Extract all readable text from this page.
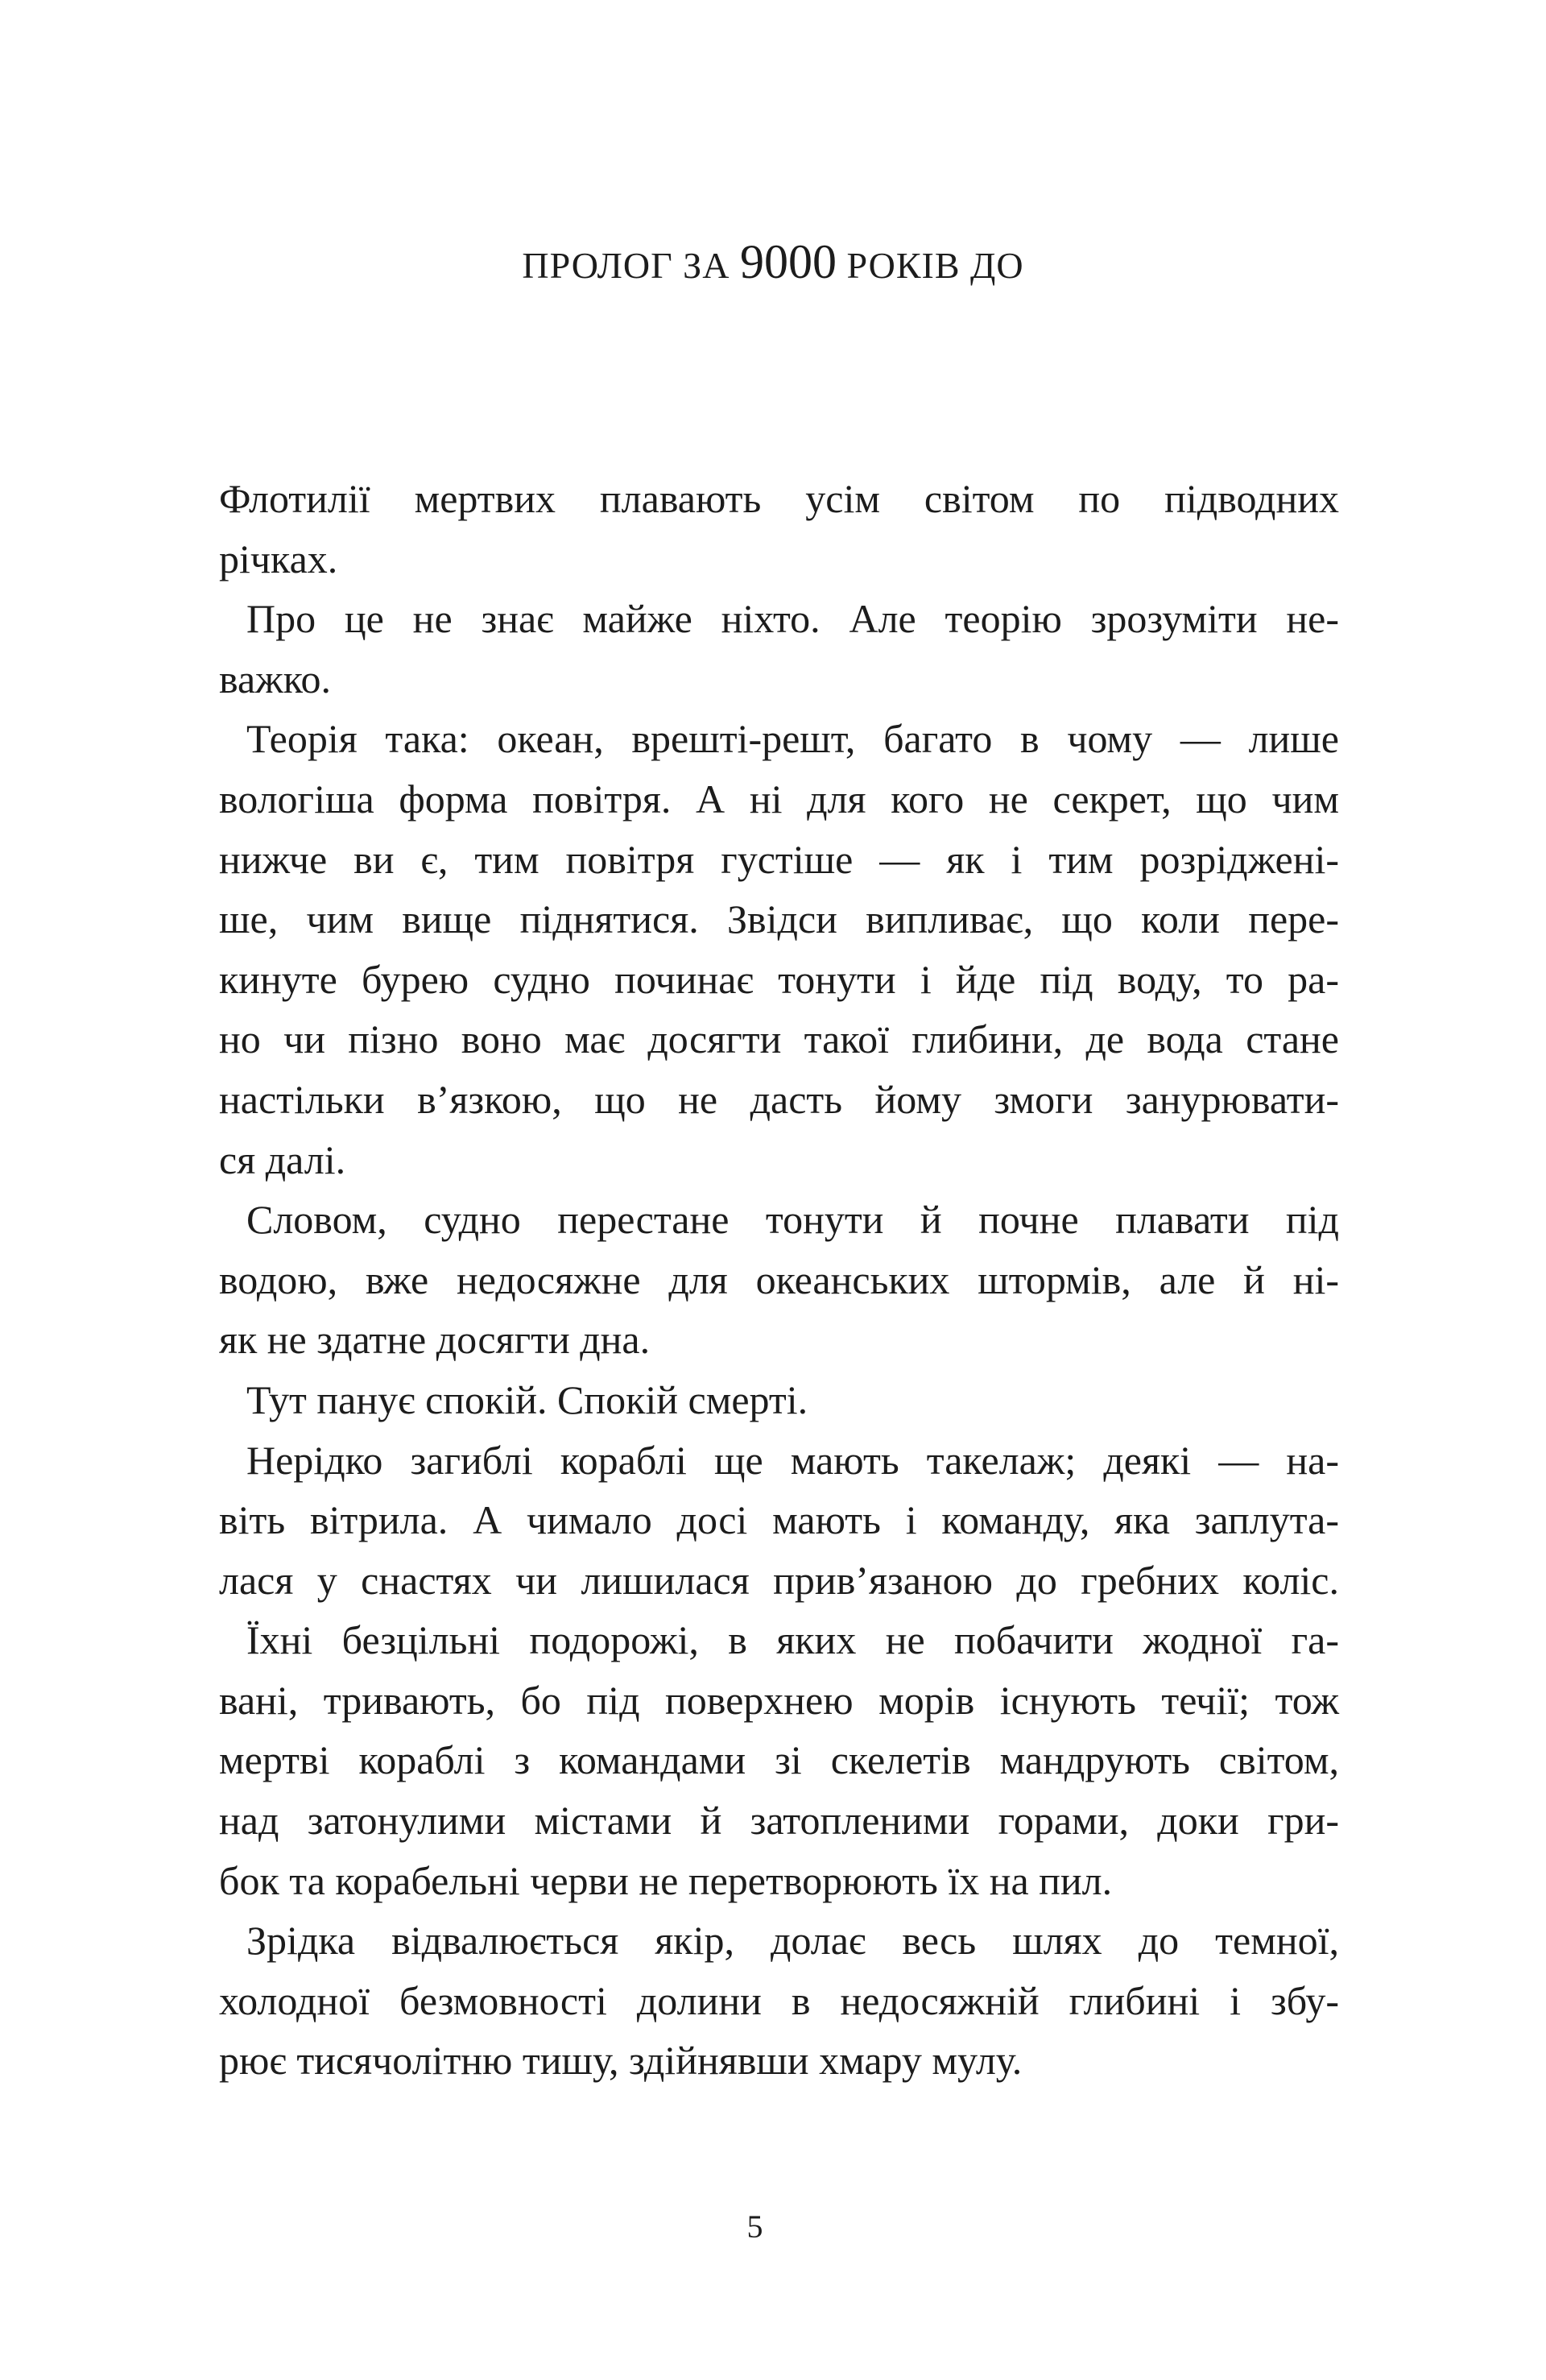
ПРОЛОГ ЗА 9000 РОКІВ ДО
Флотилії мертвих плавають усім світом по підводних
річках.
Про це не знає майже ніхто. Але теорію зрозуміти не-
важко.
Теорія така: океан, врешті-решт, багато в чому — лише
вологіша форма повітря. А ні для кого не секрет, що чим
нижче ви є, тим повітря густіше — як і тим розріджені-
ше, чим вище піднятися. Звідси випливає, що коли пере-
кинуте бурею судно починає тонути і йде під воду, то ра-
но чи пізно воно має досягти такої глибини, де вода стане
настільки в’язкою, що не дасть йому змоги занурювати-
ся далі.
Словом, судно перестане тонути й почне плавати під
водою, вже недосяжне для океанських штормів, але й ні-
як не здатне досягти дна.
Тут панує спокій. Спокій смерті.
Нерідко загиблі кораблі ще мають такелаж; деякі — на-
віть вітрила. А чимало досі мають і команду, яка заплута-
лася у снастях чи лишилася прив’язаною до гребних коліс.
Їхні безцільні подорожі, в яких не побачити жодної га-
вані, тривають, бо під поверхнею морів існують течії; тож
мертві кораблі з командами зі скелетів мандрують світом,
над затонулими містами й затопленими горами, доки гри-
бок та корабельні черви не перетворюють їх на пил.
Зрідка відвалюється якір, долає весь шлях до темної,
холодної безмовності долини в недосяжній глибині і збу-
рює тисячолітню тишу, здійнявши хмару мулу.
5
